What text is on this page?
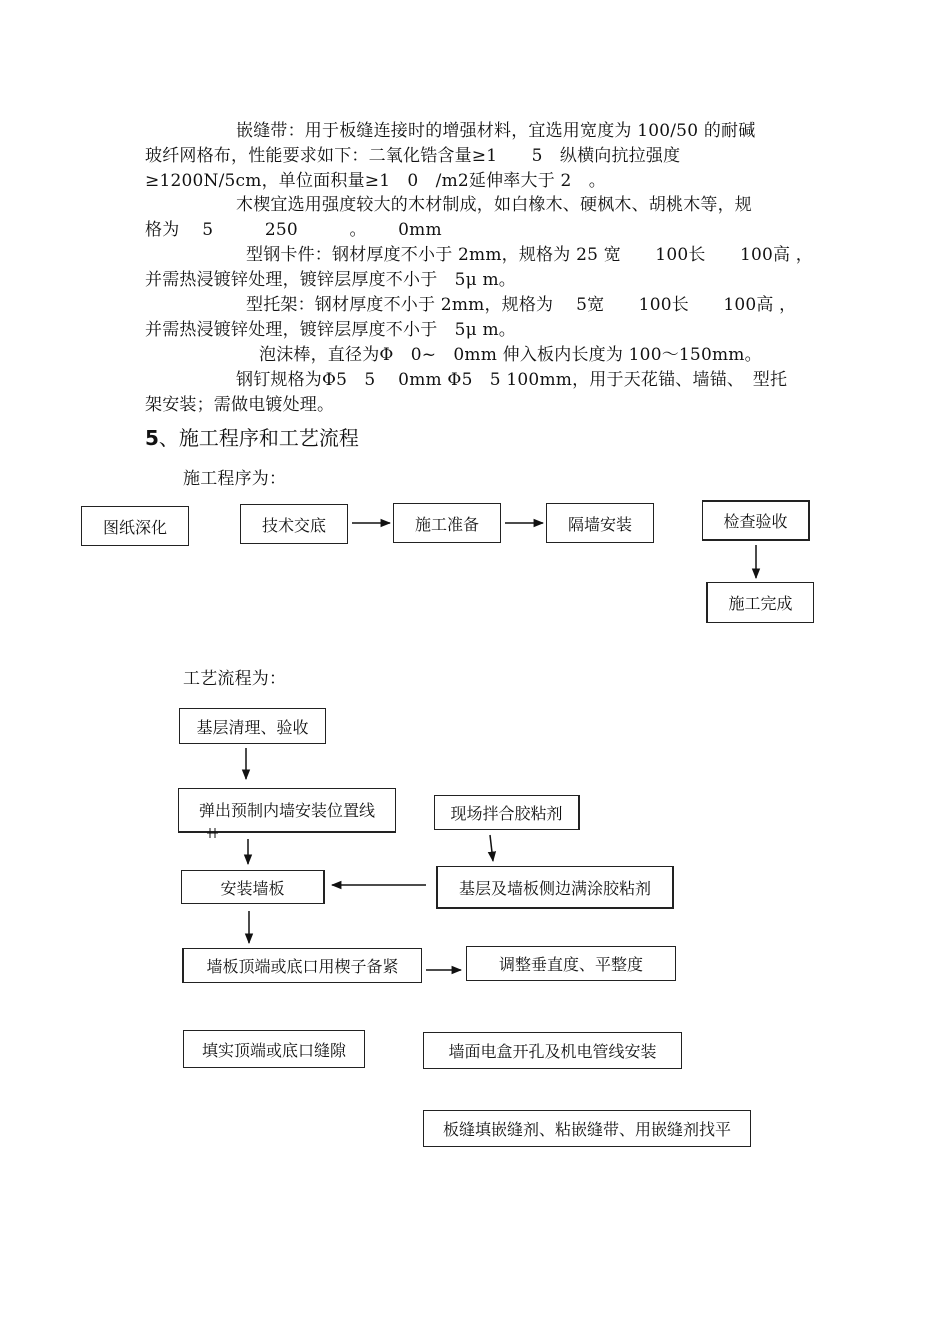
嵌缝带：用于板缝连接时的增强材料，宜选用宽度为 100/50 的耐碱
玻纤网格布，性能要求如下：二氧化锆含量≥1　　5　纵横向抗拉强度
≥1200N/5cm，单位面积量≥1　0　/m2延伸率大于 2　。
木楔宜选用强度较大的木材制成，如白橡木、硬枫木、胡桃木等，规
格为　 5　　　250　　　。　　 0mm
型钢卡件：钢材厚度不小于 2mm，规格为 25 宽　　100长　　100高 ，
并需热浸镀锌处理，镀锌层厚度不小于　5μ m。
型托架：钢材厚度不小于 2mm，规格为　 5宽　　100长　　100高 ，
并需热浸镀锌处理，镀锌层厚度不小于　5μ m。
泡沫棒，直径为Φ　0~　0mm 伸入板内长度为 100～150mm。
钢钉规格为Φ5　5　 0mm Φ5　5 100mm，用于天花锚、墙锚、　型托
架安装；需做电镀处理。
5、施工程序和工艺流程
施工程序为：
图纸深化	技术交底	施工准备	隔墙安装	检查验收
施工完成
工艺流程为：
基层清理、验收
弹出预制内墙安装位置线	现场拌合胶粘剂
安装墙板	基层及墙板侧边满涂胶粘剂
墙板顶端或底口用楔子备紧	调整垂直度、平整度
填实顶端或底口缝隙	墙面电盒开孔及机电管线安装
板缝填嵌缝剂、粘嵌缝带、用嵌缝剂找平
